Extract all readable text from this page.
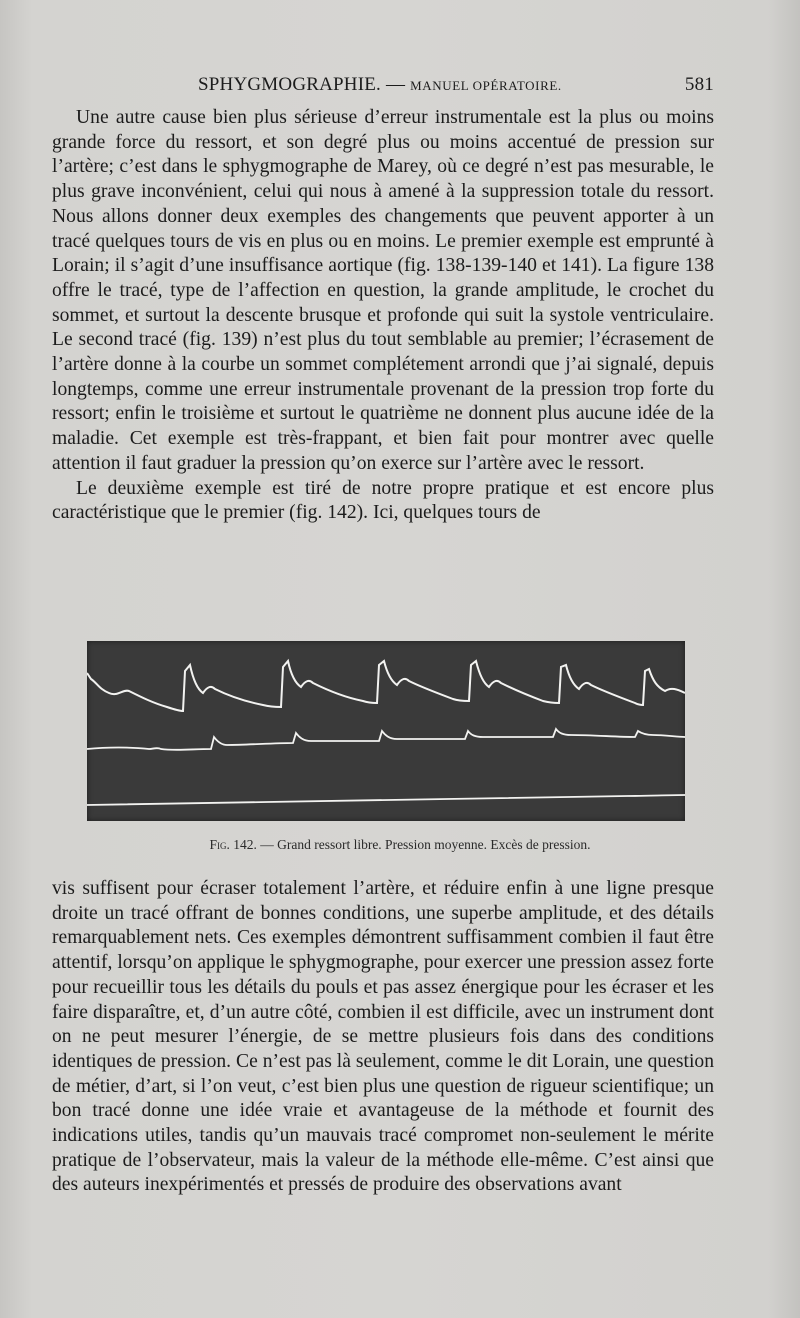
SPHYGMOGRAPHIE. — MANUEL OPÉRATOIRE.	581

Une autre cause bien plus sérieuse d’erreur instrumentale est la plus ou moins grande force du ressort, et son degré plus ou moins accentué de pression sur l’artère; c’est dans le sphygmographe de Marey, où ce degré n’est pas mesurable, le plus grave inconvénient, celui qui nous à amené à la suppression totale du ressort. Nous allons donner deux exemples des changements que peuvent apporter à un tracé quelques tours de vis en plus ou en moins. Le premier exemple est emprunté à Lorain; il s’agit d’une insuffisance aortique (fig. 138-139-140 et 141). La figure 138 offre le tracé, type de l’affection en question, la grande amplitude, le crochet du sommet, et surtout la descente brusque et profonde qui suit la systole ventriculaire. Le second tracé (fig. 139) n’est plus du tout semblable au premier; l’écrasement de l’artère donne à la courbe un sommet complétement arrondi que j’ai signalé, depuis longtemps, comme une erreur instrumentale provenant de la pression trop forte du ressort; enfin le troisième et surtout le quatrième ne donnent plus aucune idée de la maladie. Cet exemple est très-frappant, et bien fait pour montrer avec quelle attention il faut graduer la pression qu’on exerce sur l’artère avec le ressort.

Le deuxième exemple est tiré de notre propre pratique et est encore plus caractéristique que le premier (fig. 142). Ici, quelques tours de

Fig. 142. — Grand ressort libre. Pression moyenne. Excès de pression.

vis suffisent pour écraser totalement l’artère, et réduire enfin à une ligne presque droite un tracé offrant de bonnes conditions, une superbe amplitude, et des détails remarquablement nets. Ces exemples démontrent suffisamment combien il faut être attentif, lorsqu’on applique le sphygmographe, pour exercer une pression assez forte pour recueillir tous les détails du pouls et pas assez énergique pour les écraser et les faire disparaître, et, d’un autre côté, combien il est difficile, avec un instrument dont on ne peut mesurer l’énergie, de se mettre plusieurs fois dans des conditions identiques de pression. Ce n’est pas là seulement, comme le dit Lorain, une question de métier, d’art, si l’on veut, c’est bien plus une question de rigueur scientifique; un bon tracé donne une idée vraie et avantageuse de la méthode et fournit des indications utiles, tandis qu’un mauvais tracé compromet non-seulement le mérite pratique de l’observateur, mais la valeur de la méthode elle-même. C’est ainsi que des auteurs inexpérimentés et pressés de produire des observations avant
